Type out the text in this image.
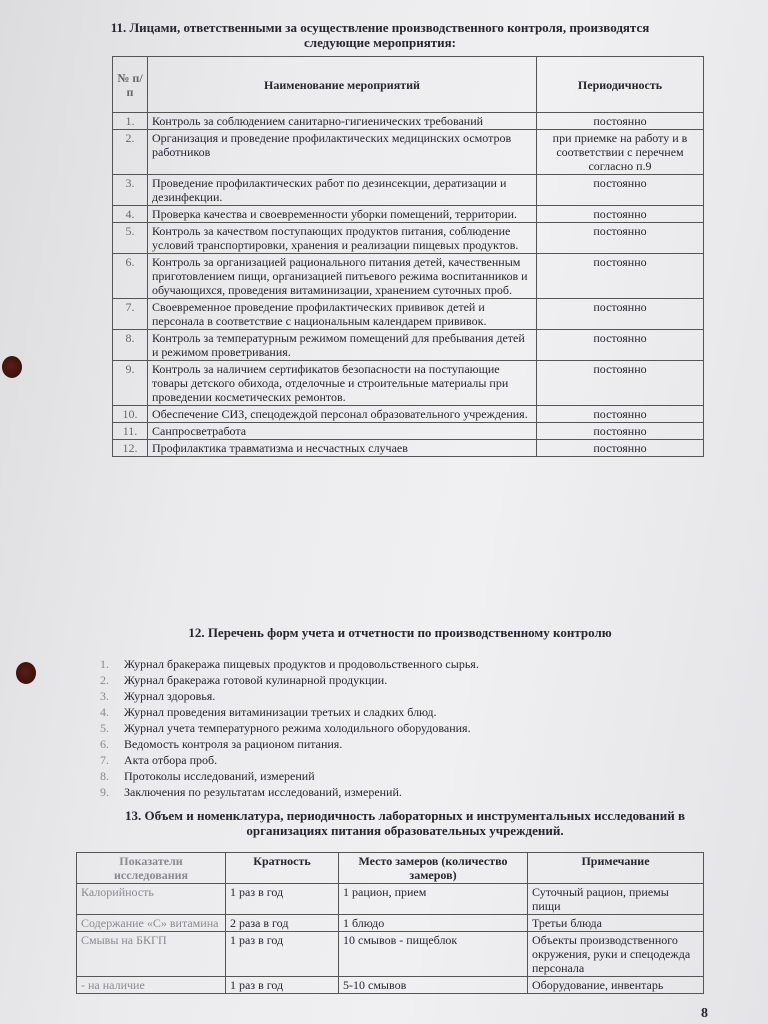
11. Лицами, ответственными за осуществление производственного контроля, производятся следующие мероприятия:
№ п/ п	Наименование мероприятий	Периодичность
1.	Контроль за соблюдением санитарно-гигиенических требований	постоянно
2.	Организация и проведение профилактических медицинских осмотров работников	при приемке на работу и в соответствии с перечнем согласно п.9
3.	Проведение профилактических работ по дезинсекции, дератизации и дезинфекции.	постоянно
4.	Проверка качества и своевременности уборки помещений, территории.	постоянно
5.	Контроль за качеством поступающих продуктов питания, соблюдение условий транспортировки, хранения и реализации пищевых продуктов.	постоянно
6.	Контроль за организацией рационального питания детей, качественным приготовлением пищи, организацией питьевого режима воспитанников и обучающихся, проведения витаминизации, хранением суточных проб.	постоянно
7.	Своевременное проведение профилактических прививок детей и персонала в соответствие с национальным календарем прививок.	постоянно
8.	Контроль за температурным режимом помещений для пребывания детей и режимом проветривания.	постоянно
9.	Контроль за наличием сертификатов безопасности на поступающие товары детского обихода, отделочные и строительные материалы при проведении косметических ремонтов.	постоянно
10.	Обеспечение СИЗ, спецодеждой персонал образовательного учреждения.	постоянно
11.	Санпросветработа	постоянно
12.	Профилактика травматизма и несчастных случаев	постоянно
12. Перечень форм учета и отчетности по производственному контролю
1. Журнал бракеража пищевых продуктов и продовольственного сырья.
2. Журнал бракеража готовой кулинарной продукции.
3. Журнал здоровья.
4. Журнал проведения витаминизации третьих и сладких блюд.
5. Журнал учета температурного режима холодильного оборудования.
6. Ведомость контроля за рационом питания.
7. Акта отбора проб.
8. Протоколы исследований, измерений
9. Заключения по результатам исследований, измерений.
13. Объем и номенклатура, периодичность лабораторных и инструментальных исследований в организациях питания образовательных учреждений.
Показатели исследования	Кратность	Место замеров (количество замеров)	Примечание
Калорийность	1 раз в год	1 рацион, прием	Суточный рацион, приемы пищи
Содержание «С» витамина	2 раза в год	1 блюдо	Третьи блюда
Смывы на БКГП	1 раз в год	10 смывов - пищеблок	Объекты производственного окружения, руки и спецодежда персонала
- на наличие	1 раз в год	5-10 смывов	Оборудование, инвентарь
8
